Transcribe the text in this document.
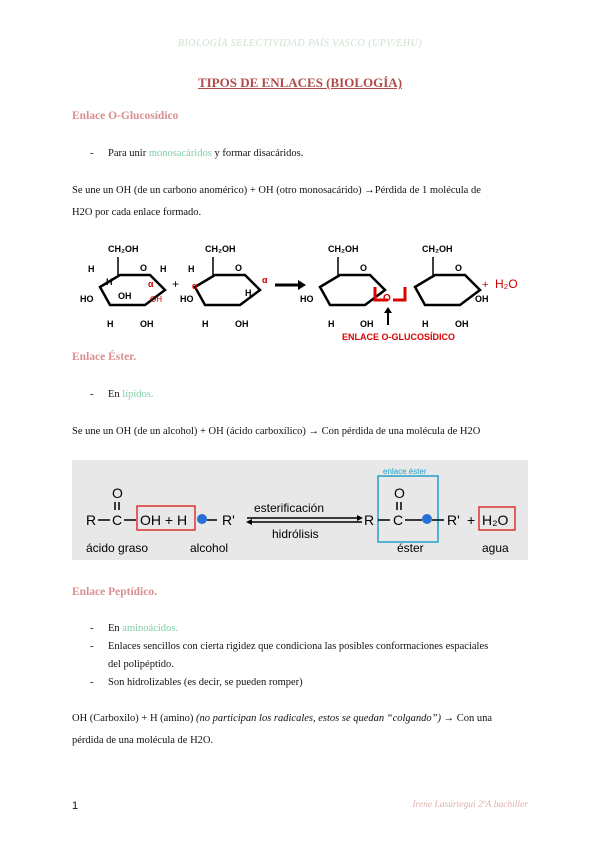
BIOLOGÍA SELECTIVIDAD PAÍS VASCO (UPV/EHU)
TIPOS DE ENLACES (BIOLOGÍA)
Enlace O-Glucosídico
- Para unir monosacáridos y formar disacáridos.
Se une un OH (de un carbono anomérico) + OH (otro monosacárido) →Pérdida de 1 molécula de
H2O por cada enlace formado.
CH₂OH
O
H
H
HO	OH
H	OH
H
α
OH
+
CH₂OH
O
H
α
HO
H
H	OH
α
CH₂OH
O
HO
H	OH
O
CH₂OH
O
H	OH
OH
+ H₂O
ENLACE O-GLUCOSÍDICO
Enlace Éster.
- En lípidos.
Se une un OH (de un alcohol) + OH (ácido carboxílico) → Con pérdida de una molécula de H2O
R C
O
OH + H R'
esterificación
hidrólisis
R
enlace éster
O
C	R' + H₂O
ácido graso	alcohol	éster	agua
Enlace Peptídico.
- En aminoácidos.
- Enlaces sencillos con cierta rigidez que condiciona las posibles conformaciones espaciales
del polipéptido.
- Son hidrolizables (es decir, se pueden romper)
OH (Carboxilo) + H (amino) (no participan los radicales, estos se quedan “colgando”) → Con una
pérdida de una molécula de H2O.
1	Irene Lasúrtegui 2ºA bachiller
